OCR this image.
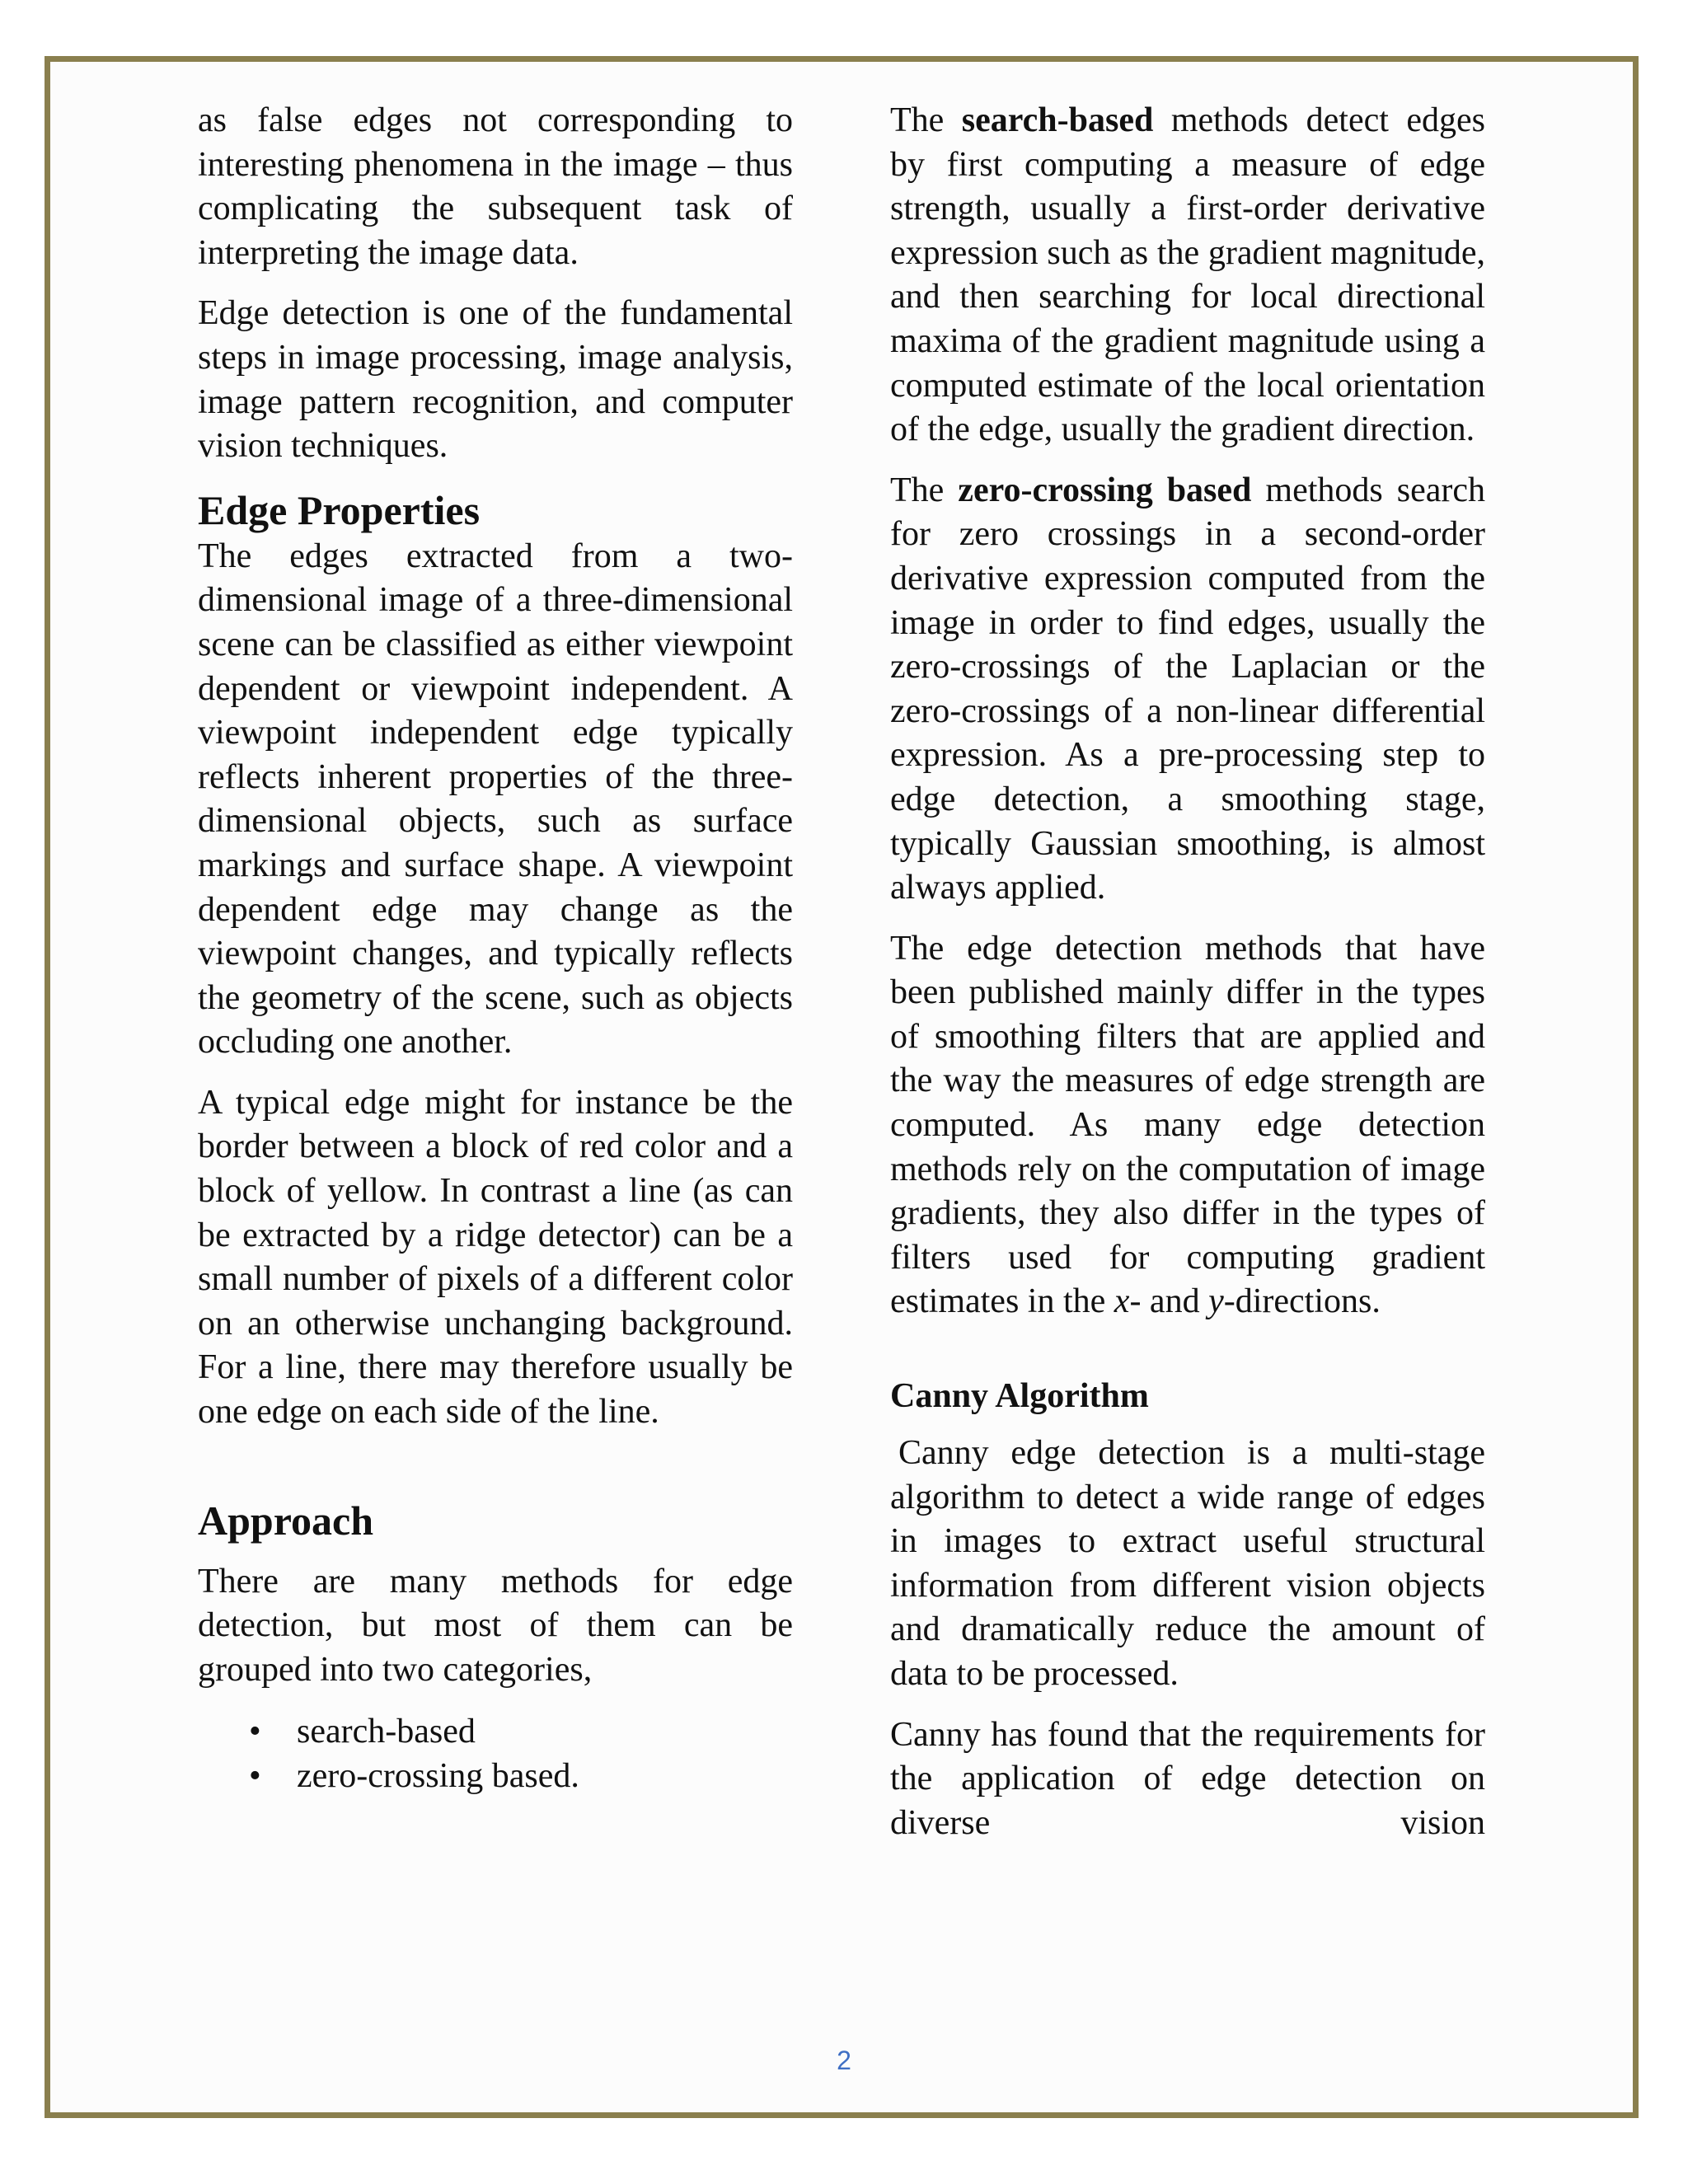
as false edges not corresponding to interesting phenomena in the image – thus complicating the subsequent task of interpreting the image data.

Edge detection is one of the fundamental steps in image processing, image analysis, image pattern recognition, and computer vision techniques.

Edge Properties

The edges extracted from a two-dimensional image of a three-dimensional scene can be classified as either viewpoint dependent or viewpoint independent. A viewpoint independent edge typically reflects inherent properties of the three-dimensional objects, such as surface markings and surface shape. A viewpoint dependent edge may change as the viewpoint changes, and typically reflects the geometry of the scene, such as objects occluding one another.

A typical edge might for instance be the border between a block of red color and a block of yellow. In contrast a line (as can be extracted by a ridge detector) can be a small number of pixels of a different color on an otherwise unchanging background. For a line, there may therefore usually be one edge on each side of the line.

Approach

There are many methods for edge detection, but most of them can be grouped into two categories,

• search-based
• zero-crossing based.

The search-based methods detect edges by first computing a measure of edge strength, usually a first-order derivative expression such as the gradient magnitude, and then searching for local directional maxima of the gradient magnitude using a computed estimate of the local orientation of the edge, usually the gradient direction.

The zero-crossing based methods search for zero crossings in a second-order derivative expression computed from the image in order to find edges, usually the zero-crossings of the Laplacian or the zero-crossings of a non-linear differential expression. As a pre-processing step to edge detection, a smoothing stage, typically Gaussian smoothing, is almost always applied.

The edge detection methods that have been published mainly differ in the types of smoothing filters that are applied and the way the measures of edge strength are computed. As many edge detection methods rely on the computation of image gradients, they also differ in the types of filters used for computing gradient estimates in the x- and y-directions.

Canny Algorithm

Canny edge detection is a multi-stage algorithm to detect a wide range of edges in images to extract useful structural information from different vision objects and dramatically reduce the amount of data to be processed.

Canny has found that the requirements for the application of edge detection on diverse vision

2
